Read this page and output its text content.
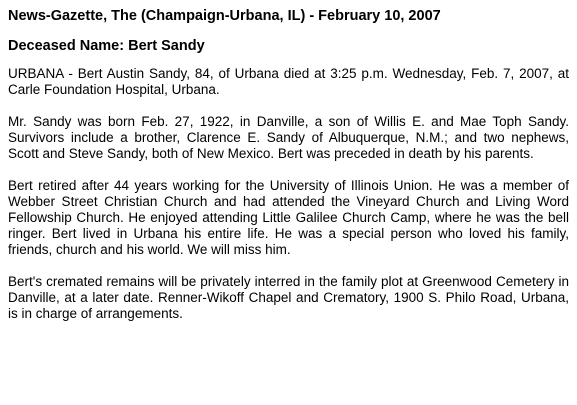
News-Gazette, The (Champaign-Urbana, IL) - February 10, 2007
Deceased Name: Bert Sandy

URBANA - Bert Austin Sandy, 84, of Urbana died at 3:25 p.m. Wednesday, Feb. 7, 2007, at Carle Foundation Hospital, Urbana.

Mr. Sandy was born Feb. 27, 1922, in Danville, a son of Willis E. and Mae Toph Sandy. Survivors include a brother, Clarence E. Sandy of Albuquerque, N.M.; and two nephews, Scott and Steve Sandy, both of New Mexico. Bert was preceded in death by his parents.

Bert retired after 44 years working for the University of Illinois Union. He was a member of Webber Street Christian Church and had attended the Vineyard Church and Living Word Fellowship Church. He enjoyed attending Little Galilee Church Camp, where he was the bell ringer. Bert lived in Urbana his entire life. He was a special person who loved his family, friends, church and his world. We will miss him.

Bert's cremated remains will be privately interred in the family plot at Greenwood Cemetery in Danville, at a later date. Renner-Wikoff Chapel and Crematory, 1900 S. Philo Road, Urbana, is in charge of arrangements.
